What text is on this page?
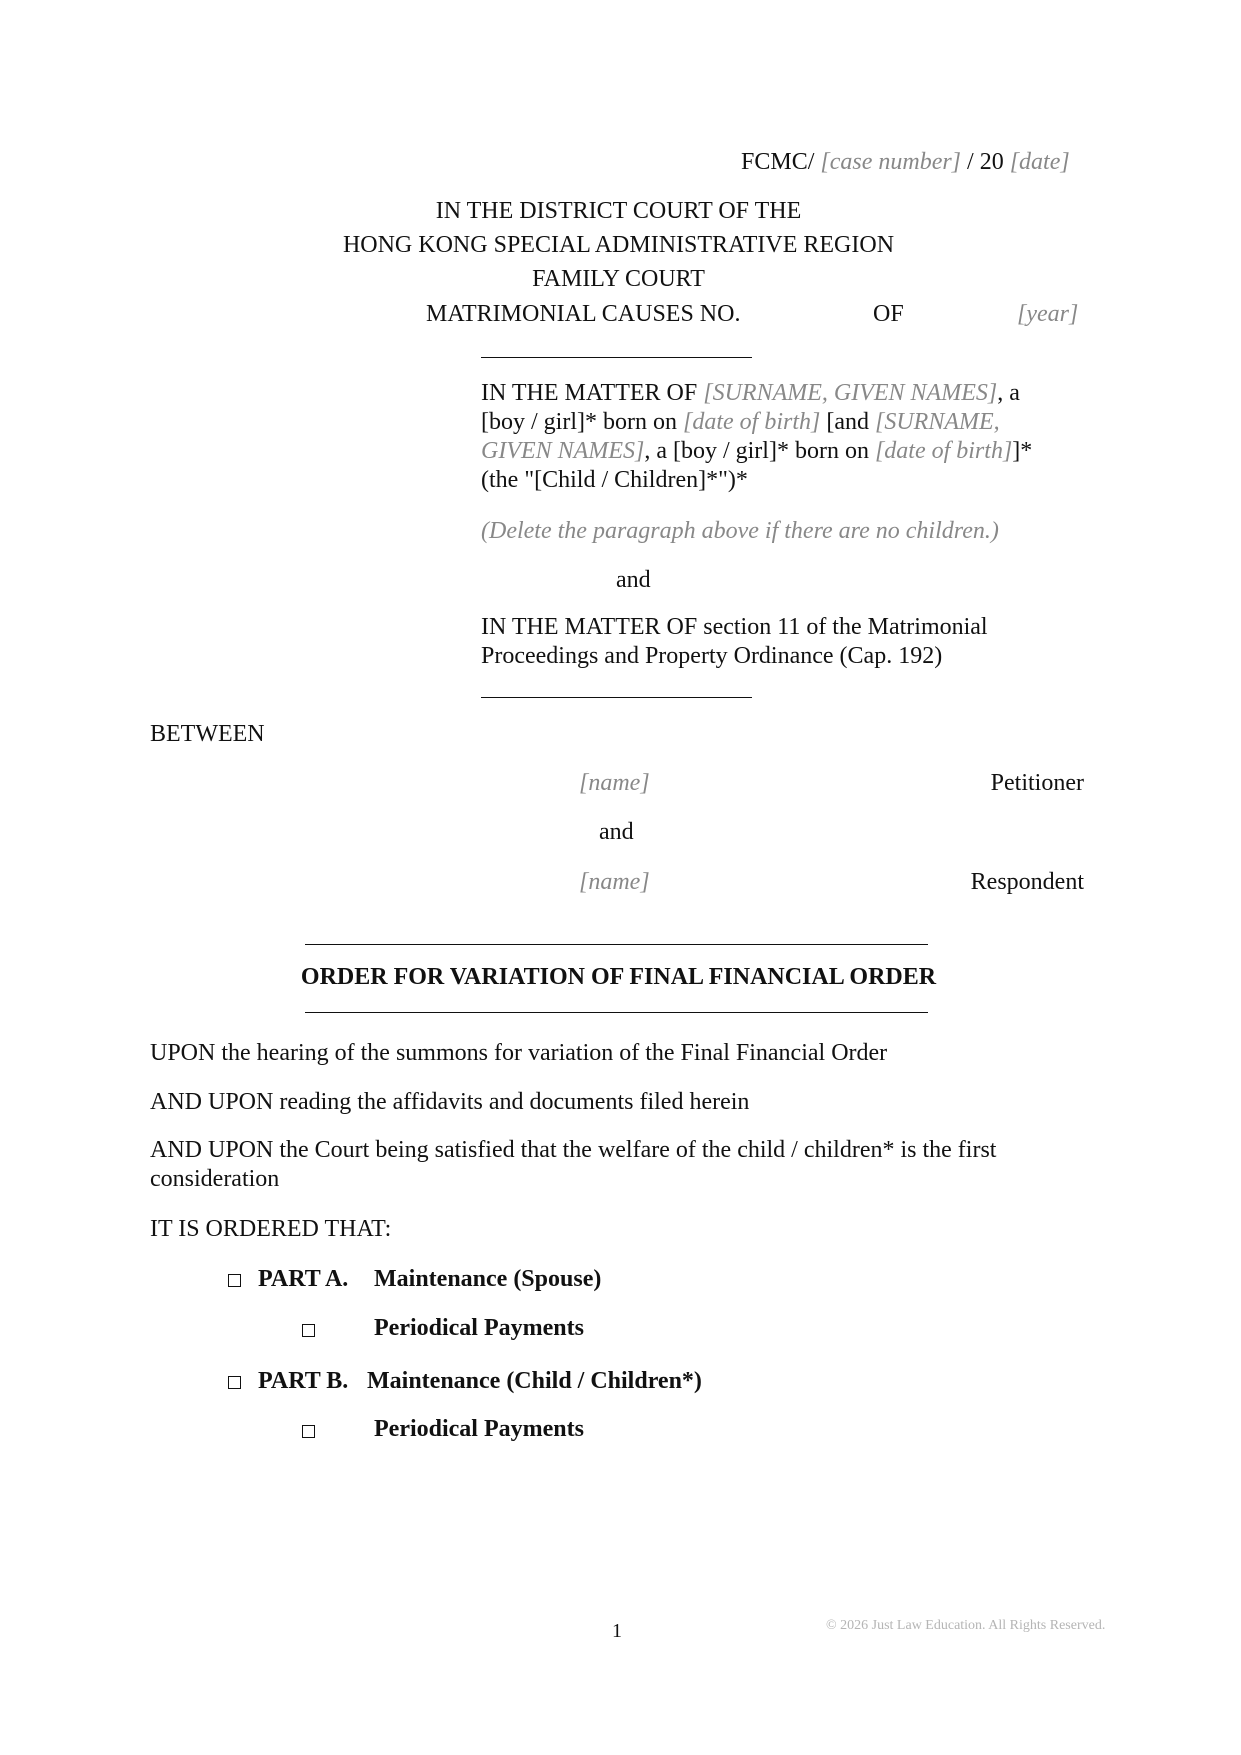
FCMC/ [case number] / 20 [date]
IN THE DISTRICT COURT OF THE
HONG KONG SPECIAL ADMINISTRATIVE REGION
FAMILY COURT
MATRIMONIAL CAUSES NO.	OF	[year]
IN THE MATTER OF [SURNAME, GIVEN NAMES], a [boy / girl]* born on [date of birth] [and [SURNAME, GIVEN NAMES], a [boy / girl]* born on [date of birth]]* (the "[Child / Children]*")*
(Delete the paragraph above if there are no children.)
and
IN THE MATTER OF section 11 of the Matrimonial Proceedings and Property Ordinance (Cap. 192)
BETWEEN
[name]	Petitioner
and
[name]	Respondent
ORDER FOR VARIATION OF FINAL FINANCIAL ORDER
UPON the hearing of the summons for variation of the Final Financial Order
AND UPON reading the affidavits and documents filed herein
AND UPON the Court being satisfied that the welfare of the child / children* is the first consideration
IT IS ORDERED THAT:
PART A. Maintenance (Spouse)
Periodical Payments
PART B. Maintenance (Child / Children*)
Periodical Payments
1	© 2026 Just Law Education. All Rights Reserved.
